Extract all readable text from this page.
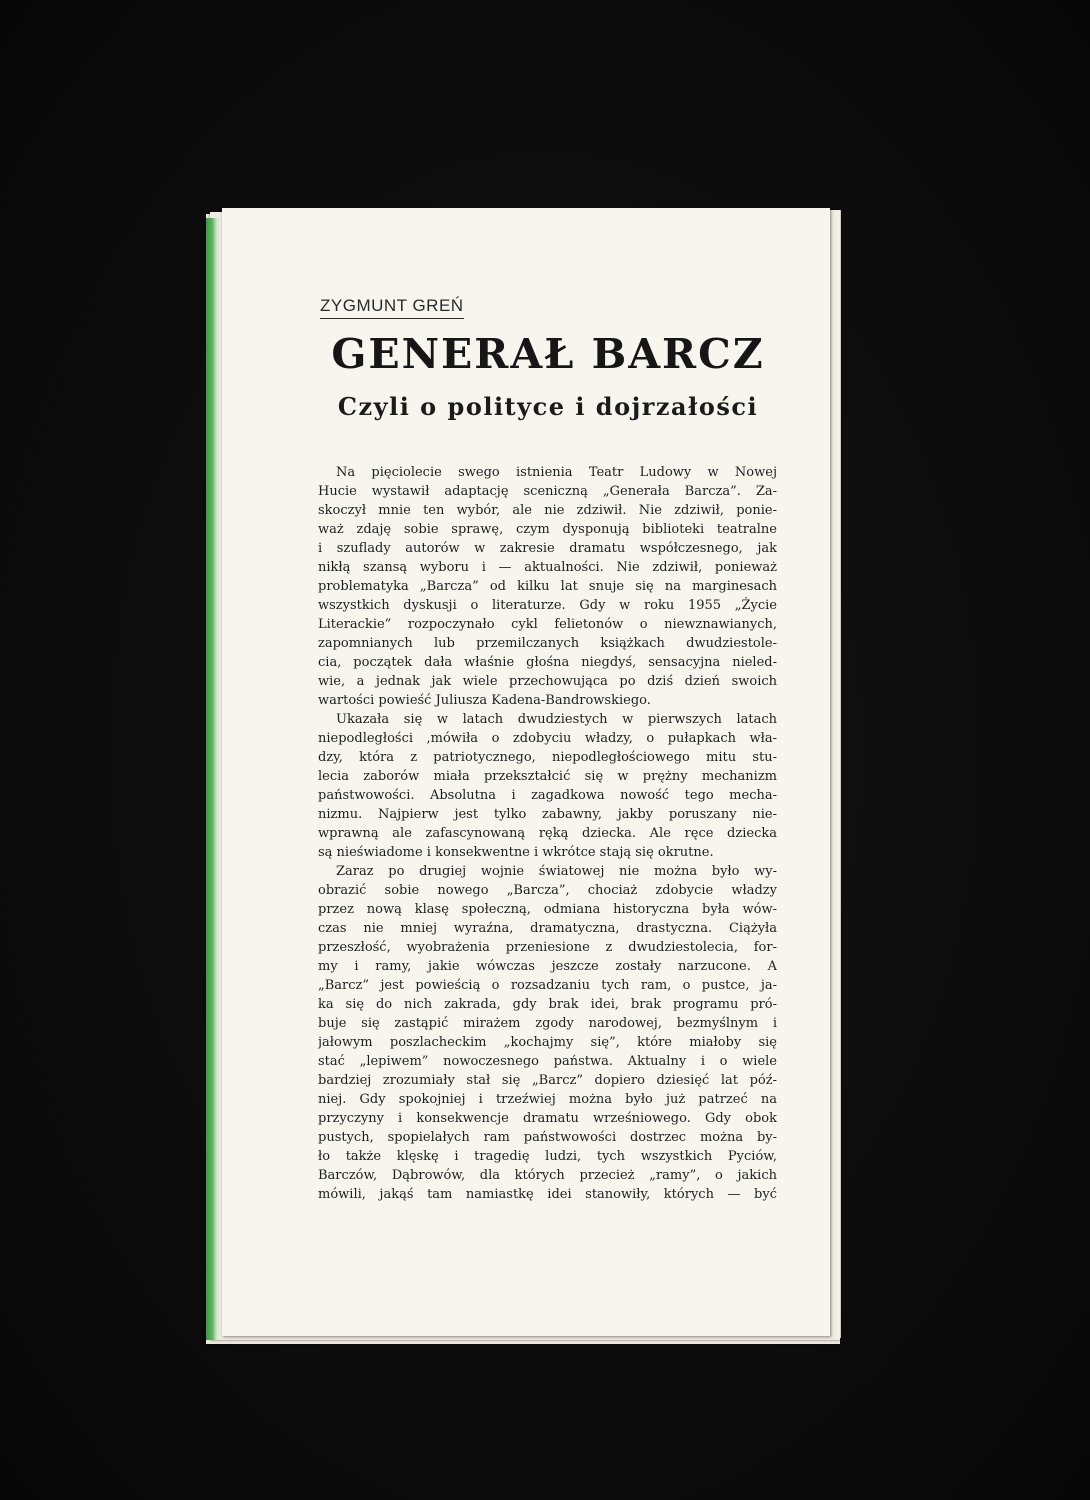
ZYGMUNT GREŃ
GENERAŁ BARCZ
Czyli o polityce i dojrzałości
Na pięciolecie swego istnienia Teatr Ludowy w Nowej
Hucie wystawił adaptację sceniczną „Generała Barcza”. Za-
skoczył mnie ten wybór, ale nie zdziwił. Nie zdziwił, ponie-
waż zdaję sobie sprawę, czym dysponują biblioteki teatralne
i szuflady autorów w zakresie dramatu współczesnego, jak
nikłą szansą wyboru i — aktualności. Nie zdziwił, ponieważ
problematyka „Barcza” od kilku lat snuje się na marginesach
wszystkich dyskusji o literaturze. Gdy w roku 1955 „Życie
Literackie” rozpoczynało cykl felietonów o niewznawianych,
zapomnianych lub przemilczanych książkach dwudziestole-
cia, początek dała właśnie głośna niegdyś, sensacyjna nieled-
wie, a jednak jak wiele przechowująca po dziś dzień swoich
wartości powieść Juliusza Kadena-Bandrowskiego.
Ukazała się w latach dwudziestych w pierwszych latach
niepodległości ,mówiła o zdobyciu władzy, o pułapkach wła-
dzy, która z patriotycznego, niepodległościowego mitu stu-
lecia zaborów miała przekształcić się w prężny mechanizm
państwowości. Absolutna i zagadkowa nowość tego mecha-
nizmu. Najpierw jest tylko zabawny, jakby poruszany nie-
wprawną ale zafascynowaną ręką dziecka. Ale ręce dziecka
są nieświadome i konsekwentne i wkrótce stają się okrutne.
Zaraz po drugiej wojnie światowej nie można było wy-
obrazić sobie nowego „Barcza”, chociaż zdobycie władzy
przez nową klasę społeczną, odmiana historyczna była wów-
czas nie mniej wyraźna, dramatyczna, drastyczna. Ciążyła
przeszłość, wyobrażenia przeniesione z dwudziestolecia, for-
my i ramy, jakie wówczas jeszcze zostały narzucone. A
„Barcz” jest powieścią o rozsadzaniu tych ram, o pustce, ja-
ka się do nich zakrada, gdy brak idei, brak programu pró-
buje się zastąpić mirażem zgody narodowej, bezmyślnym i
jałowym poszlacheckim „kochajmy się”, które miałoby się
stać „lepiwem” nowoczesnego państwa. Aktualny i o wiele
bardziej zrozumiały stał się „Barcz” dopiero dziesięć lat póź-
niej. Gdy spokojniej i trzeźwiej można było już patrzeć na
przyczyny i konsekwencje dramatu wrześniowego. Gdy obok
pustych, spopielałych ram państwowości dostrzec można by-
ło także klęskę i tragedię ludzi, tych wszystkich Pyciów,
Barczów, Dąbrowów, dla których przecież „ramy”, o jakich
mówili, jakąś tam namiastkę idei stanowiły, których — być
